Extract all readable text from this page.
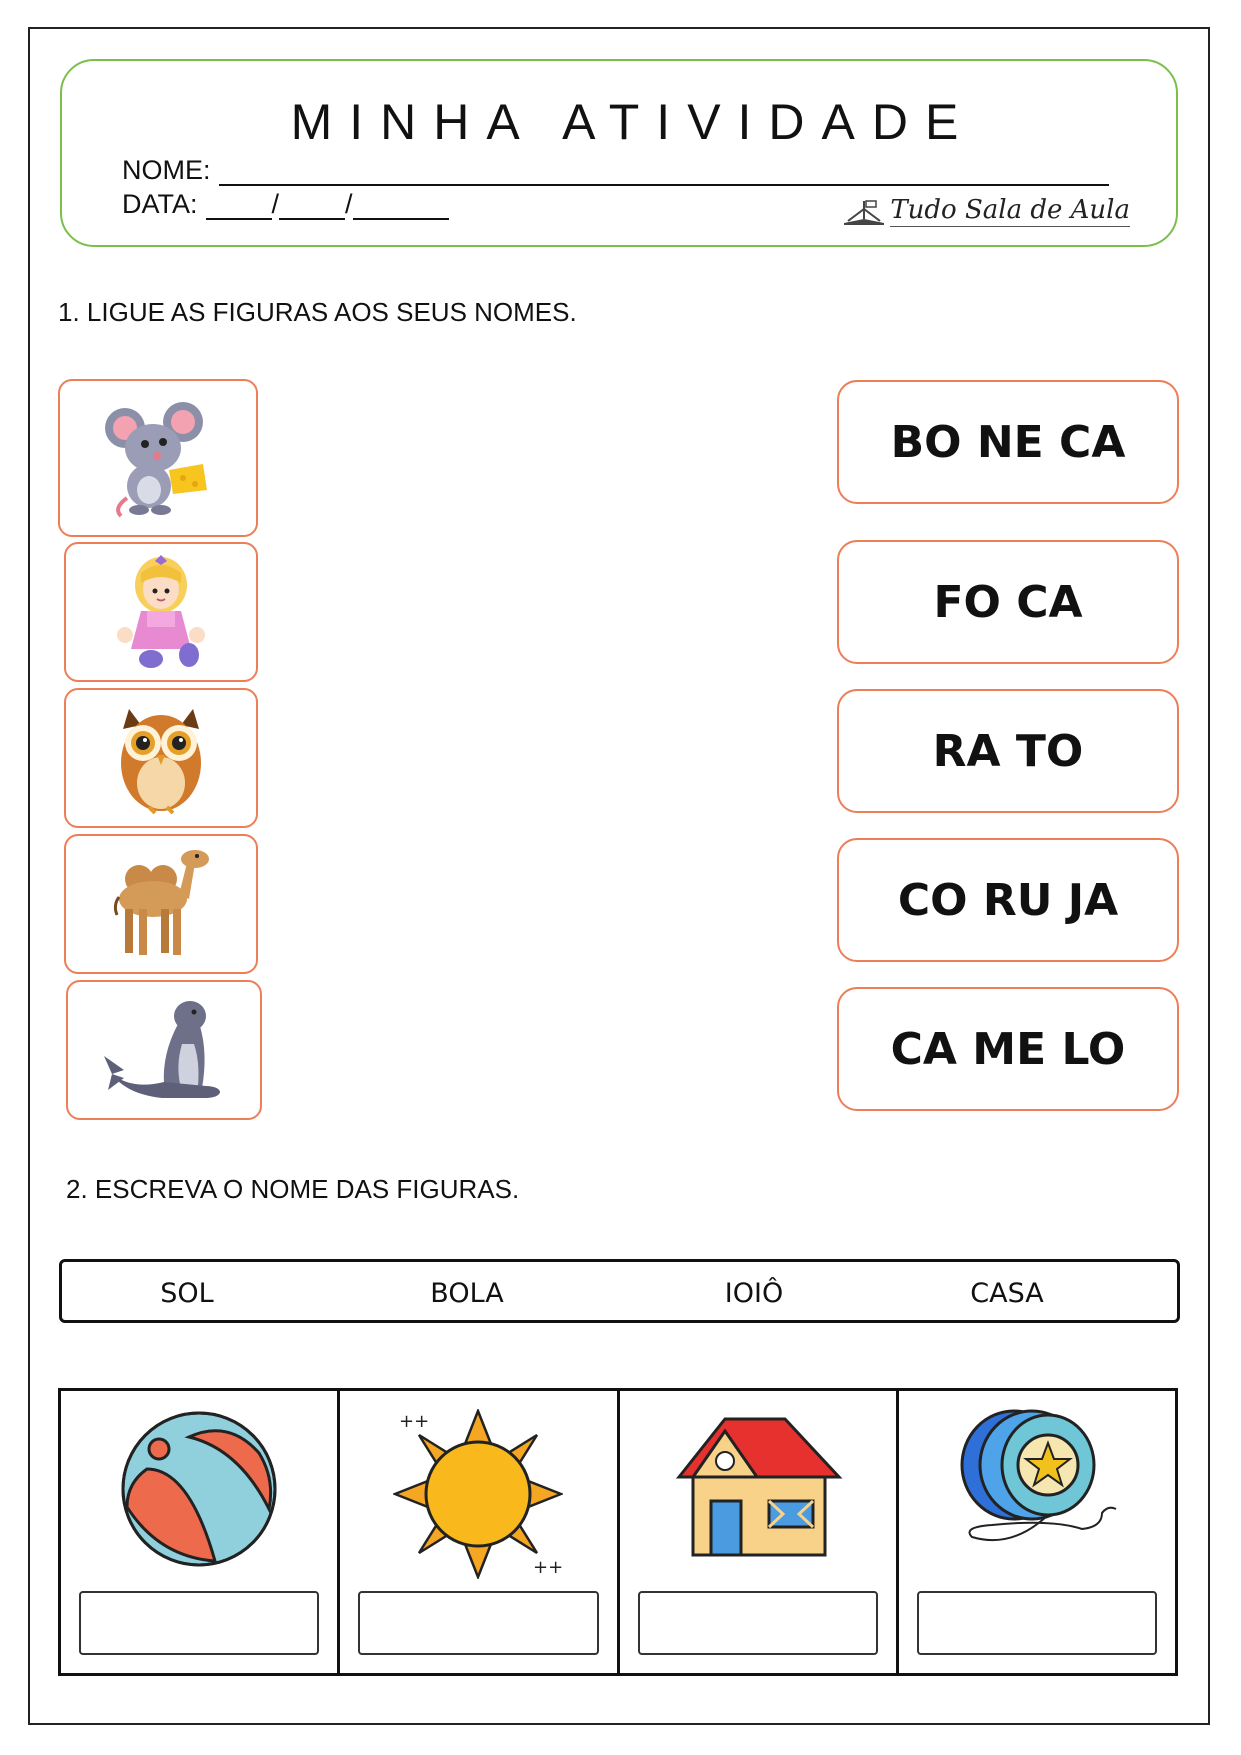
MINHA ATIVIDADE
NOME:
DATA:	/ /	Tudo Sala de Aula
1. LIGUE AS FIGURAS AOS SEUS NOMES.
BO NE CA
FO CA
RA TO
CO RU JA
CA ME LO
2. ESCREVA O NOME DAS FIGURAS.
SOL	BOLA	IOIÔ	CASA
++
++
